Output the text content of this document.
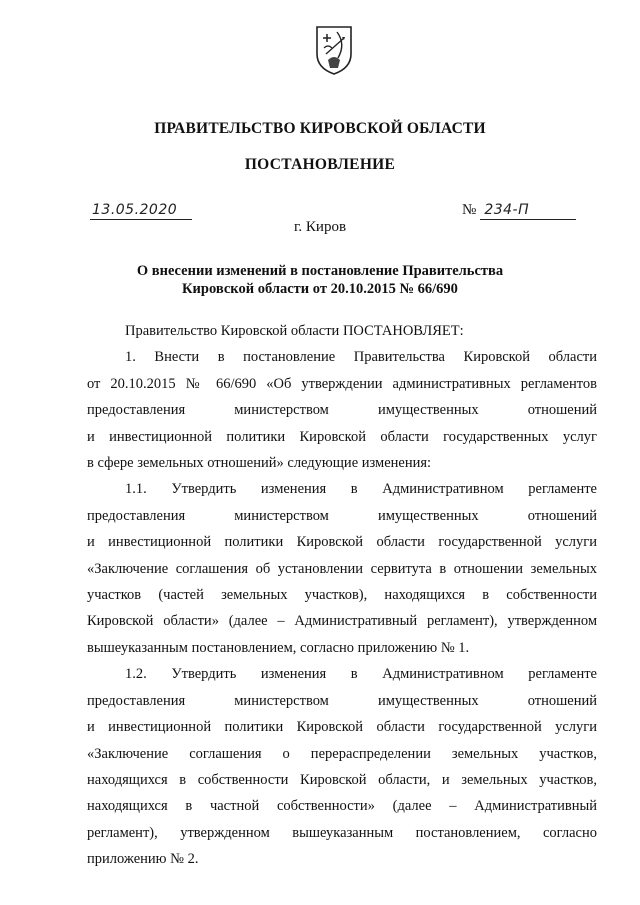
ПРАВИТЕЛЬСТВО КИРОВСКОЙ ОБЛАСТИ
ПОСТАНОВЛЕНИЕ
13.05.2020	№ 234-П
г. Киров
О внесении изменений в постановление Правительства
Кировской области от 20.10.2015 № 66/690

Правительство Кировской области ПОСТАНОВЛЯЕТ:

1. Внести в постановление Правительства Кировской области
от 20.10.2015 № 66/690 «Об утверждении административных регламентов
предоставления министерством имущественных отношений
и инвестиционной политики Кировской области государственных услуг
в сфере земельных отношений» следующие изменения:

1.1. Утвердить изменения в Административном регламенте
предоставления министерством имущественных отношений
и инвестиционной политики Кировской области государственной услуги
«Заключение соглашения об установлении сервитута в отношении земельных
участков (частей земельных участков), находящихся в собственности
Кировской области» (далее – Административный регламент), утвержденном
вышеуказанным постановлением, согласно приложению № 1.

1.2. Утвердить изменения в Административном регламенте
предоставления министерством имущественных отношений
и инвестиционной политики Кировской области государственной услуги
«Заключение соглашения о перераспределении земельных участков,
находящихся в собственности Кировской области, и земельных участков,
находящихся в частной собственности» (далее – Административный
регламент), утвержденном вышеуказанным постановлением, согласно
приложению № 2.
